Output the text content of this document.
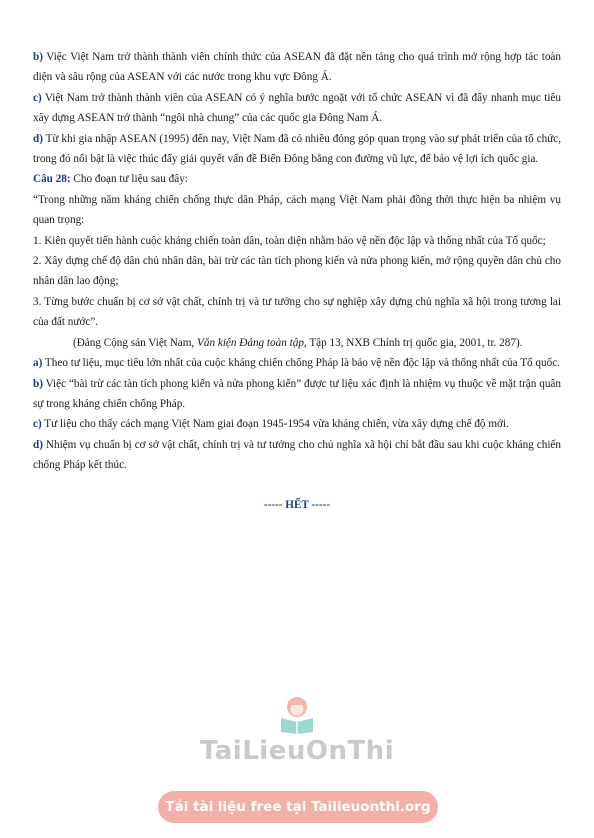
b) Việc Việt Nam trở thành thành viên chính thức của ASEAN đã đặt nền tảng cho quá trình mở rộng hợp tác toàn diện và sâu rộng của ASEAN với các nước trong khu vực Đông Á.

c) Việt Nam trở thành thành viên của ASEAN có ý nghĩa bước ngoặt với tổ chức ASEAN vì đã đẩy nhanh mục tiêu xây dựng ASEAN trở thành “ngôi nhà chung” của các quốc gia Đông Nam Á.

d) Từ khi gia nhập ASEAN (1995) đến nay, Việt Nam đã có nhiều đóng góp quan trọng vào sự phát triển của tổ chức, trong đó nổi bật là việc thúc đẩy giải quyết vấn đề Biển Đông bằng con đường vũ lực, để bảo vệ lợi ích quốc gia.

Câu 28: Cho đoạn tư liệu sau đây:

“Trong những năm kháng chiến chống thực dân Pháp, cách mạng Việt Nam phải đồng thời thực hiện ba nhiệm vụ quan trọng:

1. Kiên quyết tiến hành cuộc kháng chiến toàn dân, toàn diện nhằm bảo vệ nền độc lập và thống nhất của Tổ quốc;

2. Xây dựng chế độ dân chủ nhân dân, bài trừ các tàn tích phong kiến và nửa phong kiến, mở rộng quyền dân chủ cho nhân dân lao động;

3. Từng bước chuẩn bị cơ sở vật chất, chính trị và tư tưởng cho sự nghiệp xây dựng chủ nghĩa xã hội trong tương lai của đất nước”.

(Đảng Cộng sản Việt Nam, Văn kiện Đảng toàn tập, Tập 13, NXB Chính trị quốc gia, 2001, tr. 287).

a) Theo tư liệu, mục tiêu lớn nhất của cuộc kháng chiến chống Pháp là bảo vệ nền độc lập và thống nhất của Tổ quốc.

b) Việc “bài trừ các tàn tích phong kiến và nửa phong kiến” được tư liệu xác định là nhiệm vụ thuộc về mặt trận quân sự trong kháng chiến chống Pháp.

c) Tư liệu cho thấy cách mạng Việt Nam giai đoạn 1945-1954 vừa kháng chiến, vừa xây dựng chế độ mới.

d) Nhiệm vụ chuẩn bị cơ sở vật chất, chính trị và tư tưởng cho chủ nghĩa xã hội chỉ bắt đầu sau khi cuộc kháng chiến chống Pháp kết thúc.

----- HẾT -----
TaiLieuOnThi
Tải tài liệu free tại Tailieuonthi.org
